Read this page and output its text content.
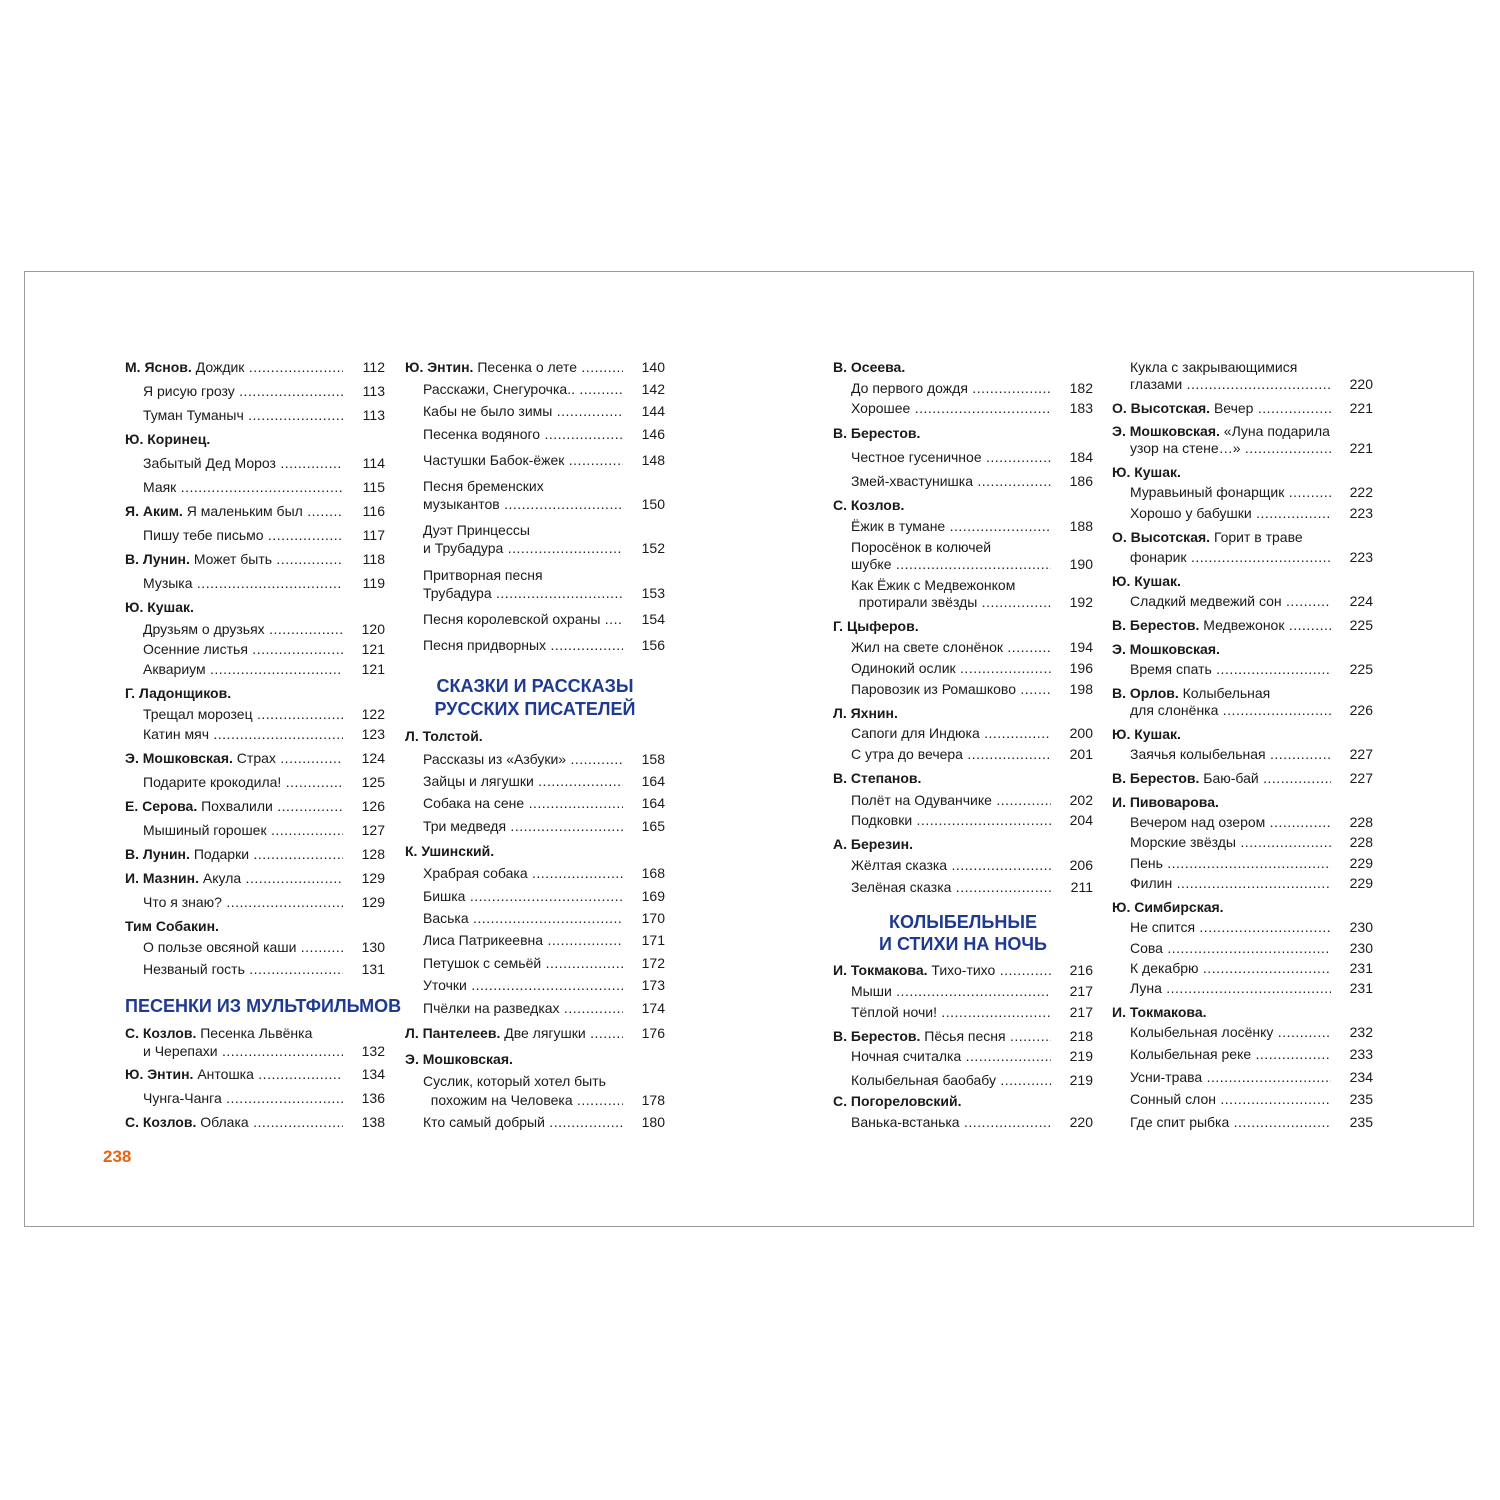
М. Яснов. Дождик .....	112
Я рисую грозу .....	113
Туман Туманыч .....	113
Ю. Коринец.
Забытый Дед Мороз .....	114
Маяк .....	115
Я. Аким. Я маленьким был .....	116
Пишу тебе письмо .....	117
В. Лунин. Может быть .....	118
Музыка .....	119
Ю. Кушак.
Друзьям о друзьях .....	120
Осенние листья .....	121
Аквариум .....	121
Г. Ладонщиков.
Трещал морозец .....	122
Катин мяч .....	123
Э. Мошковская. Страх .....	124
Подарите крокодила! .....	125
Е. Серова. Похвалили .....	126
Мышиный горошек .....	127
В. Лунин. Подарки .....	128
И. Мазнин. Акула .....	129
Что я знаю? .....	129
Тим Собакин.
О пользе овсяной каши .....	130
Незваный гость .....	131
ПЕСЕНКИ ИЗ МУЛЬТФИЛЬМОВ
С. Козлов. Песенка Львёнка
и Черепахи .....	132
Ю. Энтин. Антошка .....	134
Чунга-Чанга .....	136
С. Козлов. Облака .....	138
Ю. Энтин. Песенка о лете .....	140
Расскажи, Снегурочка.. .....	142
Кабы не было зимы .....	144
Песенка водяного .....	146
Частушки Бабок-ёжек .....	148
Песня бременских
музыкантов .....	150
Дуэт Принцессы
и Трубадура .....	152
Притворная песня
Трубадура .....	153
Песня королевской охраны .....	154
Песня придворных .....	156
СКАЗКИ И РАССКАЗЫ
РУССКИХ ПИСАТЕЛЕЙ
Л. Толстой.
Рассказы из «Азбуки» .....	158
Зайцы и лягушки .....	164
Собака на сене .....	164
Три медведя .....	165
К. Ушинский.
Храбрая собака .....	168
Бишка .....	169
Васька .....	170
Лиса Патрикеевна .....	171
Петушок с семьёй .....	172
Уточки .....	173
Пчёлки на разведках .....	174
Л. Пантелеев. Две лягушки .....	176
Э. Мошковская.
Суслик, который хотел быть
похожим на Человека .....	178
Кто самый добрый .....	180
В. Осеева.
До первого дождя .....	182
Хорошее .....	183
В. Берестов.
Честное гусеничное .....	184
Змей-хвастунишка .....	186
С. Козлов.
Ёжик в тумане .....	188
Поросёнок в колючей
шубке .....	190
Как Ёжик с Медвежонком
протирали звёзды .....	192
Г. Цыферов.
Жил на свете слонёнок .....	194
Одинокий ослик .....	196
Паровозик из Ромашково .....	198
Л. Яхнин.
Сапоги для Индюка .....	200
С утра до вечера .....	201
В. Степанов.
Полёт на Одуванчике .....	202
Подковки .....	204
А. Березин.
Жёлтая сказка .....	206
Зелёная сказка .....	211
КОЛЫБЕЛЬНЫЕ
И СТИХИ НА НОЧЬ
И. Токмакова. Тихо-тихо .....	216
Мыши .....	217
Тёплой ночи! .....	217
В. Берестов. Пёсья песня .....	218
Ночная считалка .....	219
Колыбельная баобабу .....	219
С. Погореловский.
Ванька-встанька .....	220
Кукла с закрывающимися
глазами .....	220
О. Высотская. Вечер .....	221
Э. Мошковская. «Луна подарила
узор на стене…» .....	221
Ю. Кушак.
Муравьиный фонарщик .....	222
Хорошо у бабушки .....	223
О. Высотская. Горит в траве
фонарик .....	223
Ю. Кушак.
Сладкий медвежий сон .....	224
В. Берестов. Медвежонок .....	225
Э. Мошковская.
Время спать .....	225
В. Орлов. Колыбельная
для слонёнка .....	226
Ю. Кушак.
Заячья колыбельная .....	227
В. Берестов. Баю-бай .....	227
И. Пивоварова.
Вечером над озером .....	228
Морские звёзды .....	228
Пень .....	229
Филин .....	229
Ю. Симбирская.
Не спится .....	230
Сова .....	230
К декабрю .....	231
Луна .....	231
И. Токмакова.
Колыбельная лосёнку .....	232
Колыбельная реке .....	233
Усни-трава .....	234
Сонный слон .....	235
Где спит рыбка .....	235
238
